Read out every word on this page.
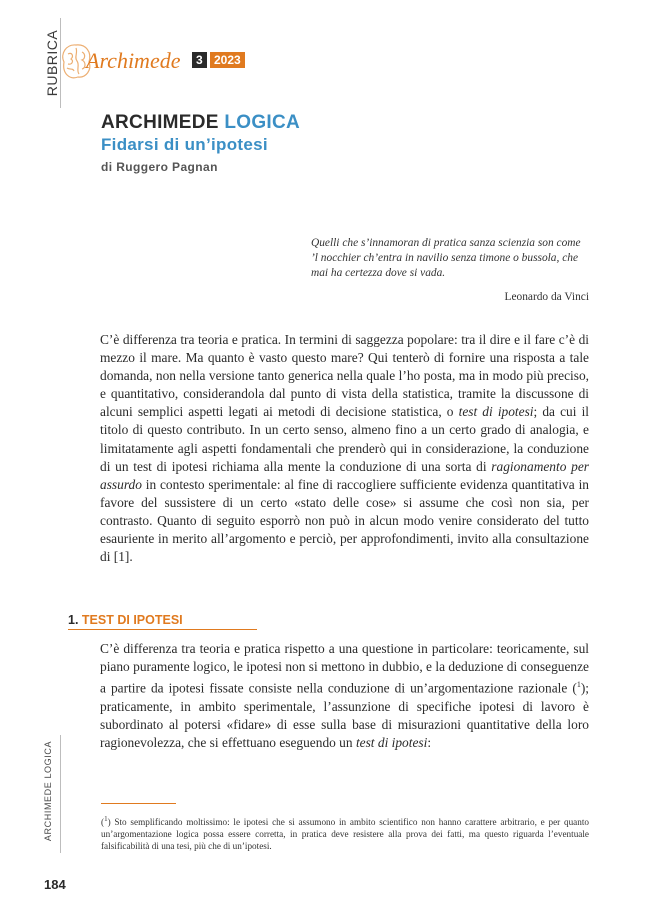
RUBRICA
ARCHIMEDE LOGICA
Archimede	3 2023
ARCHIMEDE LOGICA
Fidarsi di un’ipotesi
di Ruggero Pagnan
Quelli che s’innamoran di pratica sanza scienzia son come ’l nocchier ch’entra in navilio senza timone o bussola, che mai ha certezza dove si vada.
Leonardo da Vinci
C’è differenza tra teoria e pratica. In termini di saggezza popolare: tra il dire e il fare c’è di mezzo il mare. Ma quanto è vasto questo mare? Qui tenterò di fornire una risposta a tale domanda, non nella versione tanto generica nella quale l’ho posta, ma in modo più preciso, e quantitativo, considerandola dal punto di vista della statistica, tramite la discussone di alcuni semplici aspetti legati ai metodi di decisione statistica, o test di ipotesi; da cui il titolo di questo contributo. In un certo senso, almeno fino a un certo grado di analogia, e limitatamente agli aspetti fondamentali che prenderò qui in considerazione, la conduzione di un test di ipotesi richiama alla mente la conduzione di una sorta di ragionamento per assurdo in contesto sperimentale: al fine di raccogliere sufficiente evidenza quantitativa in favore del sussistere di un certo «stato delle cose» si assume che così non sia, per contrasto. Quanto di seguito esporrò non può in alcun modo venire considerato del tutto esauriente in merito all’argomento e perciò, per approfondimenti, invito alla consultazione di [1].
1. TEST DI IPOTESI
C’è differenza tra teoria e pratica rispetto a una questione in particolare: teoricamente, sul piano puramente logico, le ipotesi non si mettono in dubbio, e la deduzione di conseguenze a partire da ipotesi fissate consiste nella conduzione di un’argomentazione razionale ($^1$); praticamente, in ambito sperimentale, l’assunzione di specifiche ipotesi di lavoro è subordinato al potersi «fidare» di esse sulla base di misurazioni quantitative della loro ragionevolezza, che si effettuano eseguendo un test di ipotesi:
($^1$) Sto semplificando moltissimo: le ipotesi che si assumono in ambito scientifico non hanno carattere arbitrario, e per quanto un’argomentazione logica possa essere corretta, in pratica deve resistere alla prova dei fatti, ma questo riguarda l’eventuale falsificabilità di una tesi, più che di un’ipotesi.
184
